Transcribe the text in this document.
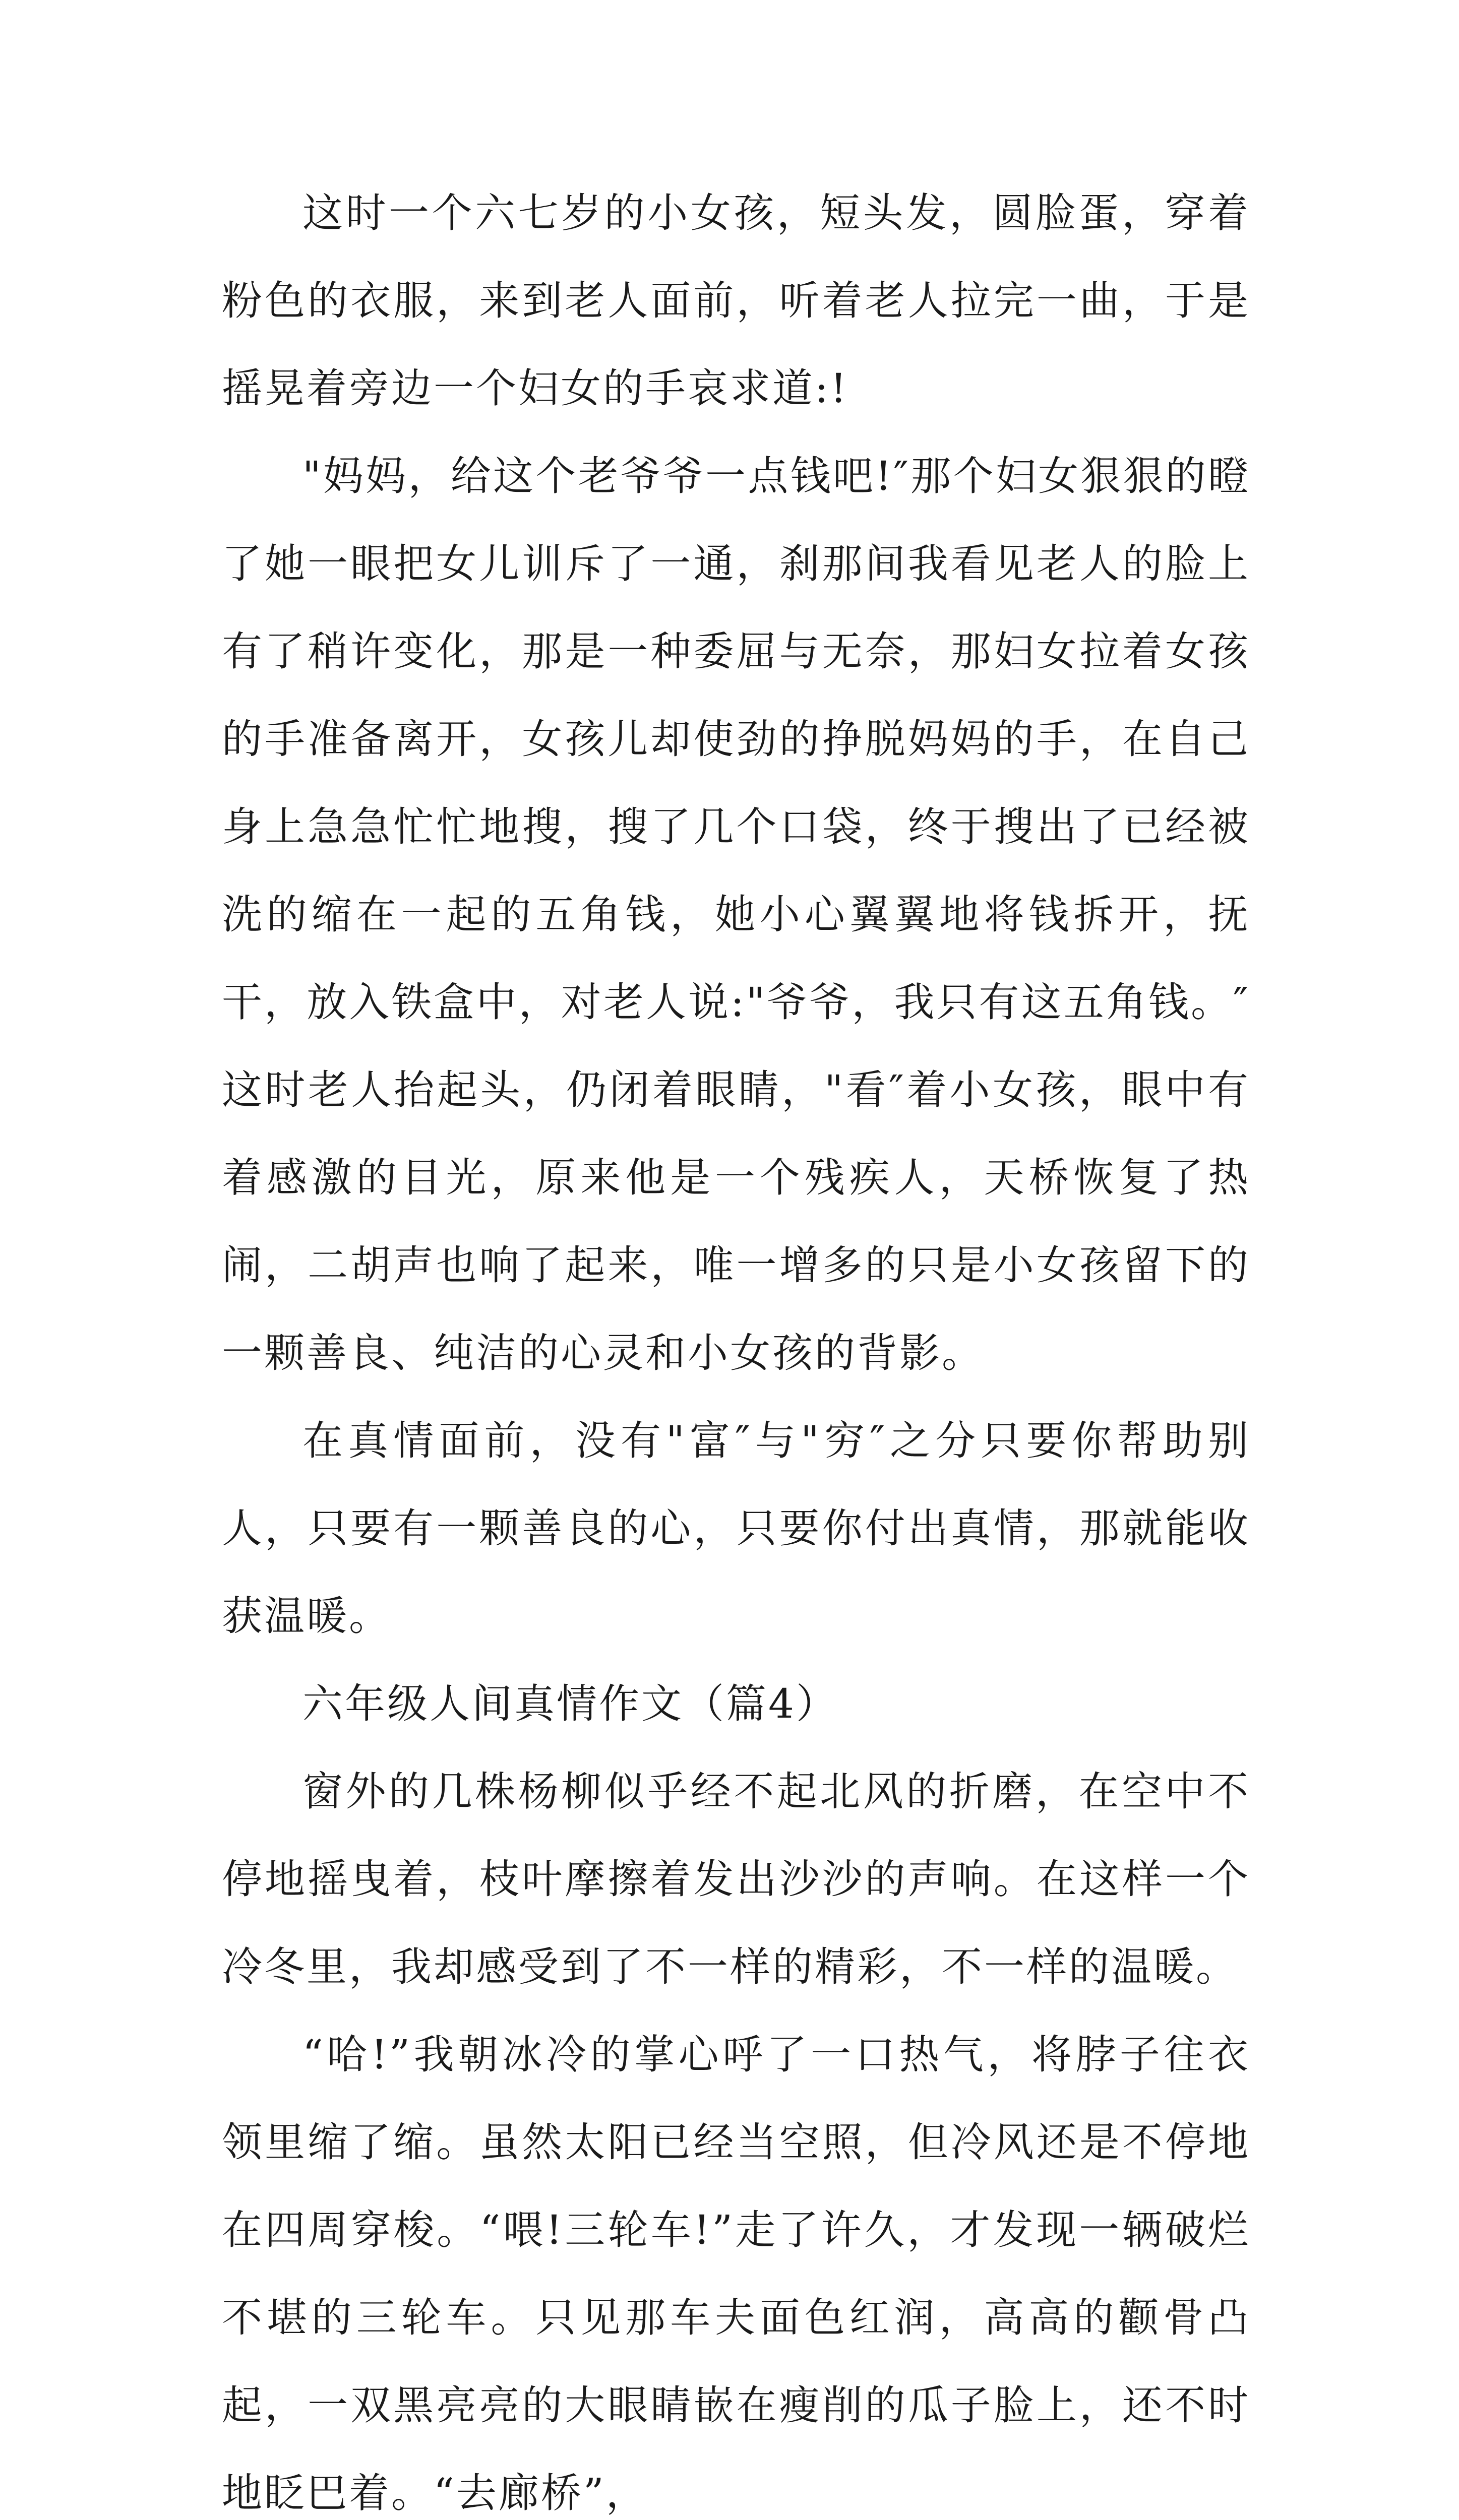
这时一个六七岁的小女孩，短头发，圆脸蛋，穿着粉色的衣服，来到老人面前，听着老人拉完一曲，于是摇晃着旁边一个妇女的手哀求道:!

"妈妈，给这个老爷爷一点钱吧!″那个妇女狠狠的瞪了她一眼把女儿训斥了一通，刹那间我看见老人的脸上有了稍许变化，那是一种委屈与无奈，那妇女拉着女孩的手准备离开，女孩儿却使劲的挣脱妈妈的手，在自己身上急急忙忙地搜，搜了几个口袋，终于搜出了已经被洗的缩在一起的五角钱，她小心翼翼地将钱拆开，抚干，放入铁盒中，对老人说:"爷爷，我只有这五角钱。″这时老人抬起头，仍闭着眼睛，"看″着小女孩，眼中有着感激的目光，原来他是一个残疾人，天桥恢复了热闹，二胡声也响了起来，唯一增多的只是小女孩留下的一颗善良、纯洁的心灵和小女孩的背影。

在真情面前，没有"富″与"穷″之分只要你帮助别人，只要有一颗善良的心，只要你付出真情，那就能收获温暖。

六年级人间真情作文（篇4）

窗外的几株杨柳似乎经不起北风的折磨，在空中不停地摇曳着，枝叶摩擦着发出沙沙的声响。在这样一个冷冬里，我却感受到了不一样的精彩，不一样的温暖。

“哈!”我朝冰冷的掌心呼了一口热气，将脖子往衣领里缩了缩。虽然太阳已经当空照，但冷风还是不停地在四周穿梭。“喂!三轮车!”走了许久，才发现一辆破烂不堪的三轮车。只见那车夫面色红润，高高的颧骨凸起，一双黑亮亮的大眼睛嵌在瘦削的瓜子脸上，还不时地眨巴着。“去廊桥”，
